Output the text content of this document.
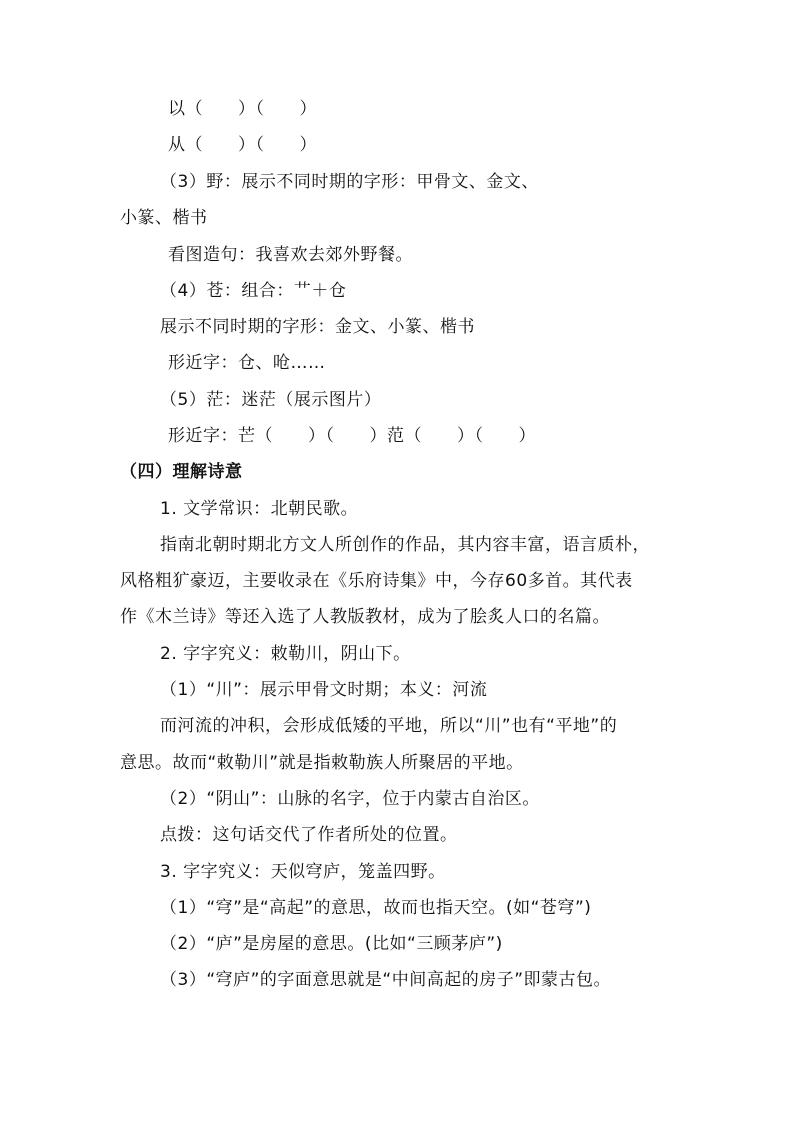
以（　　）（　　）
从（　　）（　　）
（3）野：展示不同时期的字形：甲骨文、金文、
小篆、楷书
看图造句：我喜欢去郊外野餐。
（4）苍：组合：艹＋仓
展示不同时期的字形：金文、小篆、楷书
形近字：仓、呛……
（5）茫：迷茫（展示图片）
形近字：芒（　　）（　　）范（　　）（　　）
（四）理解诗意
1. 文学常识：北朝民歌。
指南北朝时期北方文人所创作的作品，其内容丰富，语言质朴，
风格粗犷豪迈，主要收录在《乐府诗集》中，今存60多首。其代表
作《木兰诗》等还入选了人教版教材，成为了脍炙人口的名篇。
2. 字字究义：敕勒川，阴山下。
（1）“川”：展示甲骨文时期；本义：河流
而河流的冲积，会形成低矮的平地，所以“川”也有“平地”的
意思。故而“敕勒川”就是指敕勒族人所聚居的平地。
（2）“阴山”：山脉的名字，位于内蒙古自治区。
点拨：这句话交代了作者所处的位置。
3. 字字究义：天似穹庐，笼盖四野。
（1）“穹”是“高起”的意思，故而也指天空。(如“苍穹”)
（2）“庐”是房屋的意思。(比如“三顾茅庐”)
（3）“穹庐”的字面意思就是“中间高起的房子”即蒙古包。
